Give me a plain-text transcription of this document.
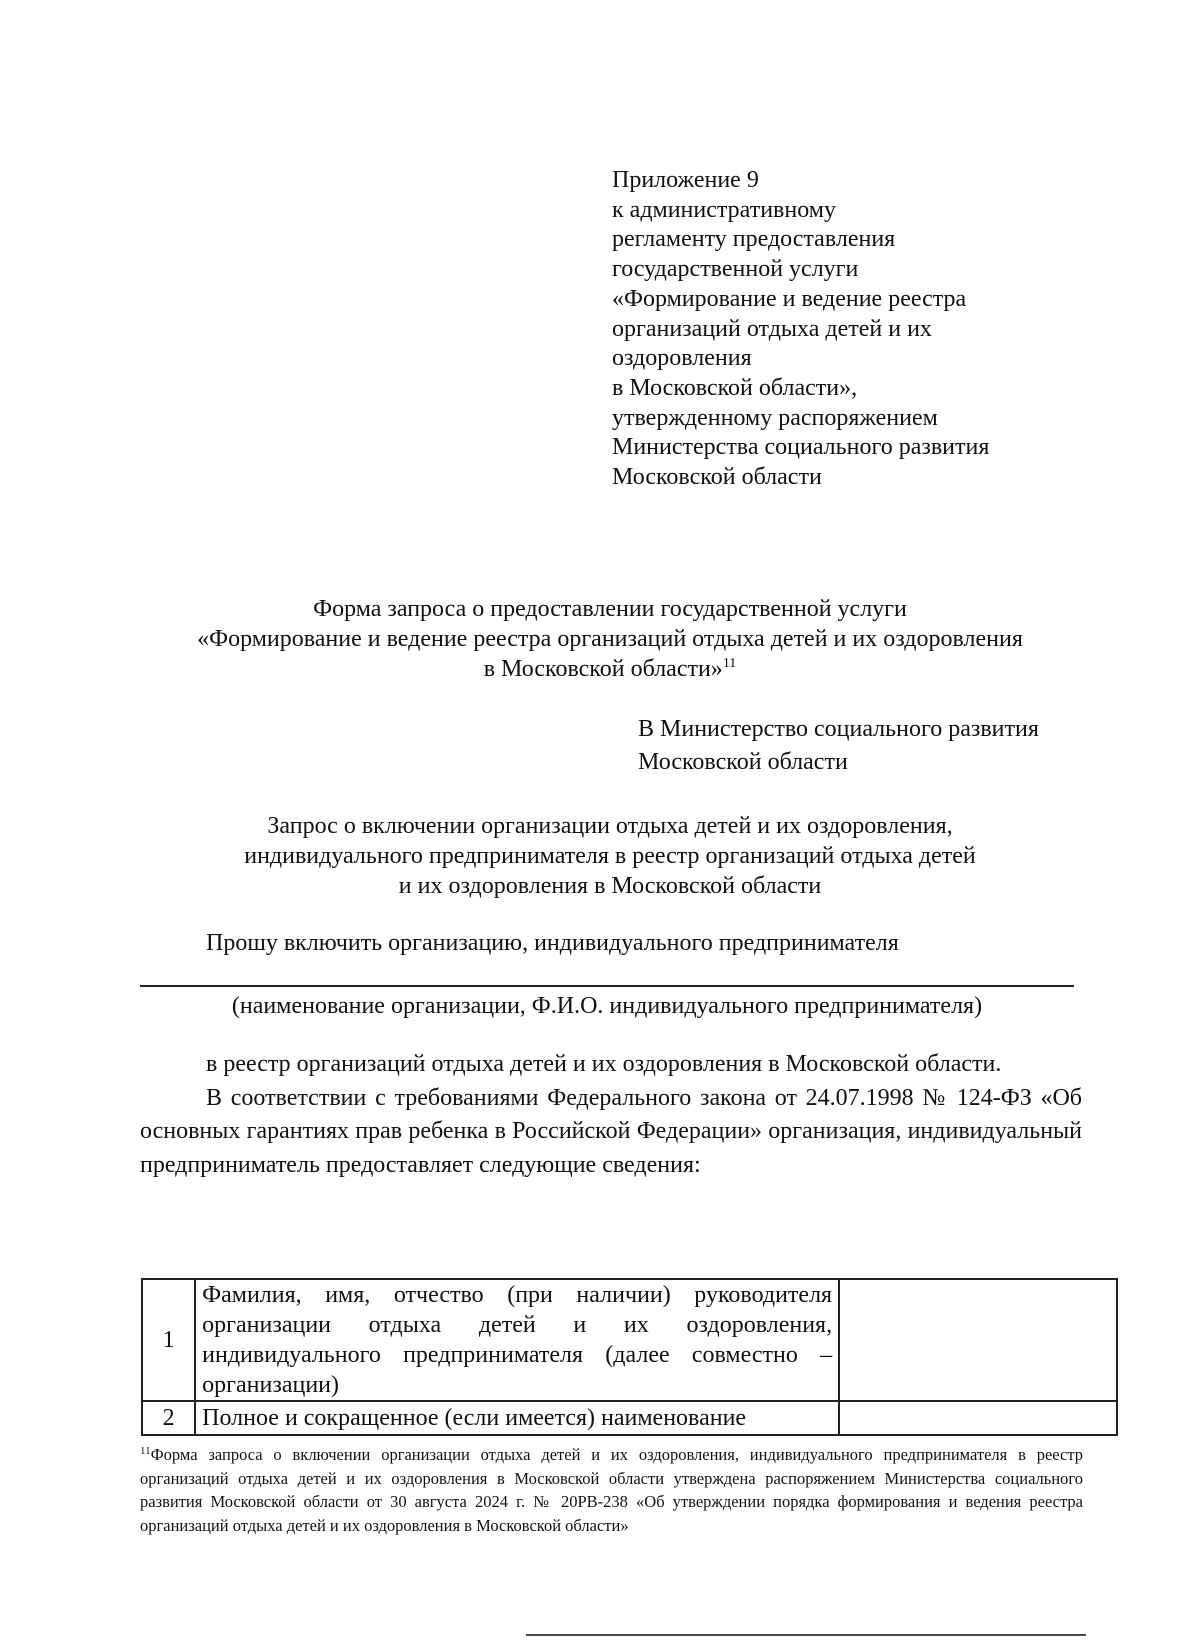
Приложение 9
к административному
регламенту предоставления
государственной услуги
«Формирование и ведение реестра
организаций отдыха детей и их
оздоровления
в Московской области»,
утвержденному распоряжением
Министерства социального развития
Московской области
Форма запроса о предоставлении государственной услуги
«Формирование и ведение реестра организаций отдыха детей и их оздоровления
в Московской области»$^{11}$
В Министерство социального развития
Московской области
Запрос о включении организации отдыха детей и их оздоровления,
индивидуального предпринимателя в реестр организаций отдыха детей
и их оздоровления в Московской области
Прошу включить организацию, индивидуального предпринимателя
(наименование организации, Ф.И.О. индивидуального предпринимателя)

в реестр организаций отдыха детей и их оздоровления в Московской области.

В соответствии с требованиями Федерального закона от 24.07.1998 № 124-ФЗ «Об основных гарантиях прав ребенка в Российской Федерации» организация, индивидуальный предприниматель предоставляет следующие сведения:

1	Фамилия, имя, отчество (при наличии) руководителя организации отдыха детей и их оздоровления, индивидуального предпринимателя (далее совместно – организации)	
2	Полное и сокращенное (если имеется) наименование	
$^{11}$Форма запроса о включении организации отдыха детей и их оздоровления, индивидуального предпринимателя в реестр организаций отдыха детей и их оздоровления в Московской области утверждена распоряжением Министерства социального развития Московской области от 30 августа 2024 г. № 20РВ-238 «Об утверждении порядка формирования и ведения реестра организаций отдыха детей и их оздоровления в Московской области»
